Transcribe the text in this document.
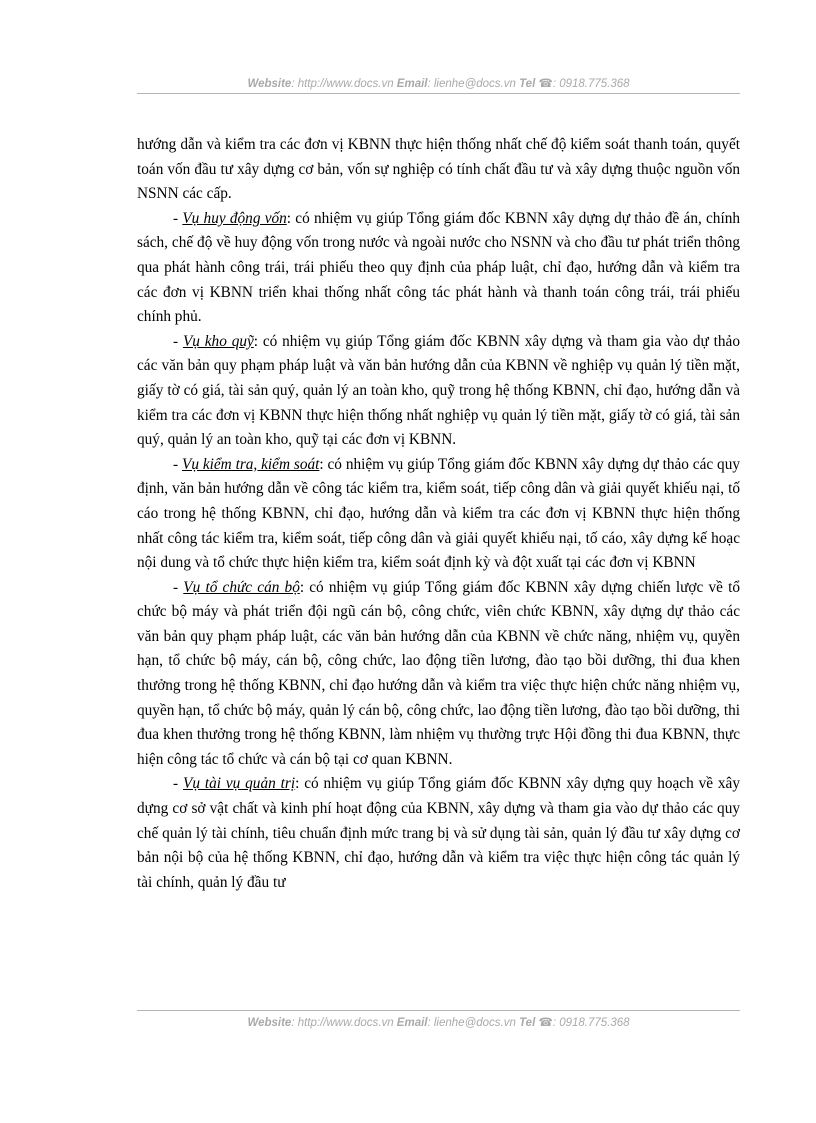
Website: http://www.docs.vn Email: lienhe@docs.vn Tel ☎: 0918.775.368

hướng dẫn và kiểm tra các đơn vị KBNN thực hiện thống nhất chế độ kiểm soát thanh toán, quyết toán vốn đầu tư xây dựng cơ bản, vốn sự nghiệp có tính chất đầu tư và xây dựng thuộc nguồn vốn NSNN các cấp.

- Vụ huy động vốn: có nhiệm vụ giúp Tổng giám đốc KBNN xây dựng dự thảo đề án, chính sách, chế độ về huy động vốn trong nước và ngoài nước cho NSNN và cho đầu tư phát triển thông qua phát hành công trái, trái phiếu theo quy định của pháp luật, chỉ đạo, hướng dẫn và kiểm tra các đơn vị KBNN triển khai thống nhất công tác phát hành và thanh toán công trái, trái phiếu chính phủ.

- Vụ kho quỹ: có nhiệm vụ giúp Tổng giám đốc KBNN xây dựng và tham gia vào dự thảo các văn bản quy phạm pháp luật và văn bản hướng dẫn của KBNN về nghiệp vụ quản lý tiền mặt, giấy tờ có giá, tài sản quý, quản lý an toàn kho, quỹ trong hệ thống KBNN, chỉ đạo, hướng dẫn và kiểm tra các đơn vị KBNN thực hiện thống nhất nghiệp vụ quản lý tiền mặt, giấy tờ có giá, tài sản quý, quản lý an toàn kho, quỹ tại các đơn vị KBNN.

- Vụ kiểm tra, kiểm soát: có nhiệm vụ giúp Tổng giám đốc KBNN xây dựng dự thảo các quy định, văn bản hướng dẫn về công tác kiểm tra, kiểm soát, tiếp công dân và giải quyết khiếu nại, tố cáo trong hệ thống KBNN, chỉ đạo, hướng dẫn và kiểm tra các đơn vị KBNN thực hiện thống nhất công tác kiểm tra, kiểm soát, tiếp công dân và giải quyết khiếu nại, tố cáo, xây dựng kế hoạc nội dung và tổ chức thực hiện kiểm tra, kiểm soát định kỳ và đột xuất tại các đơn vị KBNN

- Vụ tổ chức cán bộ: có nhiệm vụ giúp Tổng giám đốc KBNN xây dựng chiến lược về tổ chức bộ máy và phát triển đội ngũ cán bộ, công chức, viên chức KBNN, xây dựng dự thảo các văn bản quy phạm pháp luật, các văn bản hướng dẫn của KBNN về chức năng, nhiệm vụ, quyền hạn, tổ chức bộ máy, cán bộ, công chức, lao động tiền lương, đào tạo bồi dưỡng, thi đua khen thưởng trong hệ thống KBNN, chỉ đạo hướng dẫn và kiểm tra việc thực hiện chức năng nhiệm vụ, quyền hạn, tổ chức bộ máy, quản lý cán bộ, công chức, lao động tiền lương, đào tạo bồi dưỡng, thi đua khen thưởng trong hệ thống KBNN, làm nhiệm vụ thường trực Hội đồng thi đua KBNN, thực hiện công tác tổ chức và cán bộ tại cơ quan KBNN.

- Vụ tài vụ quản trị: có nhiệm vụ giúp Tổng giám đốc KBNN xây dựng quy hoạch về xây dựng cơ sở vật chất và kinh phí hoạt động của KBNN, xây dựng và tham gia vào dự thảo các quy chế quản lý tài chính, tiêu chuẩn định mức trang bị và sử dụng tài sản, quản lý đầu tư xây dựng cơ bản nội bộ của hệ thống KBNN, chỉ đạo, hướng dẫn và kiểm tra việc thực hiện công tác quản lý tài chính, quản lý đầu tư

Website: http://www.docs.vn Email: lienhe@docs.vn Tel ☎: 0918.775.368
